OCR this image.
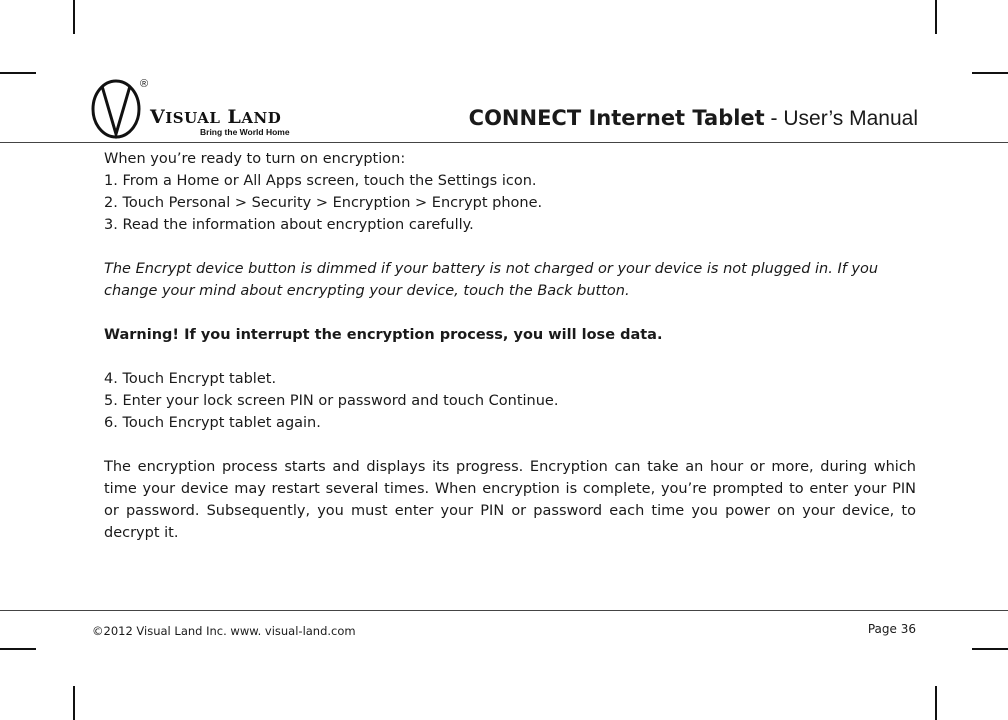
®
VISUAL LAND
Bring the World Home
CONNECT Internet Tablet - User’s Manual

When you’re ready to turn on encryption:

1. From a Home or All Apps screen, touch the Settings icon.

2. Touch Personal > Security > Encryption > Encrypt phone.

3. Read the information about encryption carefully.

The Encrypt device button is dimmed if your battery is not charged or your device is not plugged in. If you change your mind about encrypting your device, touch the Back button.

Warning! If you interrupt the encryption process, you will lose data.

4. Touch Encrypt tablet.

5. Enter your lock screen PIN or password and touch Continue.

6. Touch Encrypt tablet again.

The encryption process starts and displays its progress. Encryption can take an hour or more, during which time your device may restart several times. When encryption is complete, you’re prompted to enter your PIN or password. Subsequently, you must enter your PIN or password each time you power on your device, to decrypt it.

©2012 Visual Land Inc. www. visual-land.com	Page 36
